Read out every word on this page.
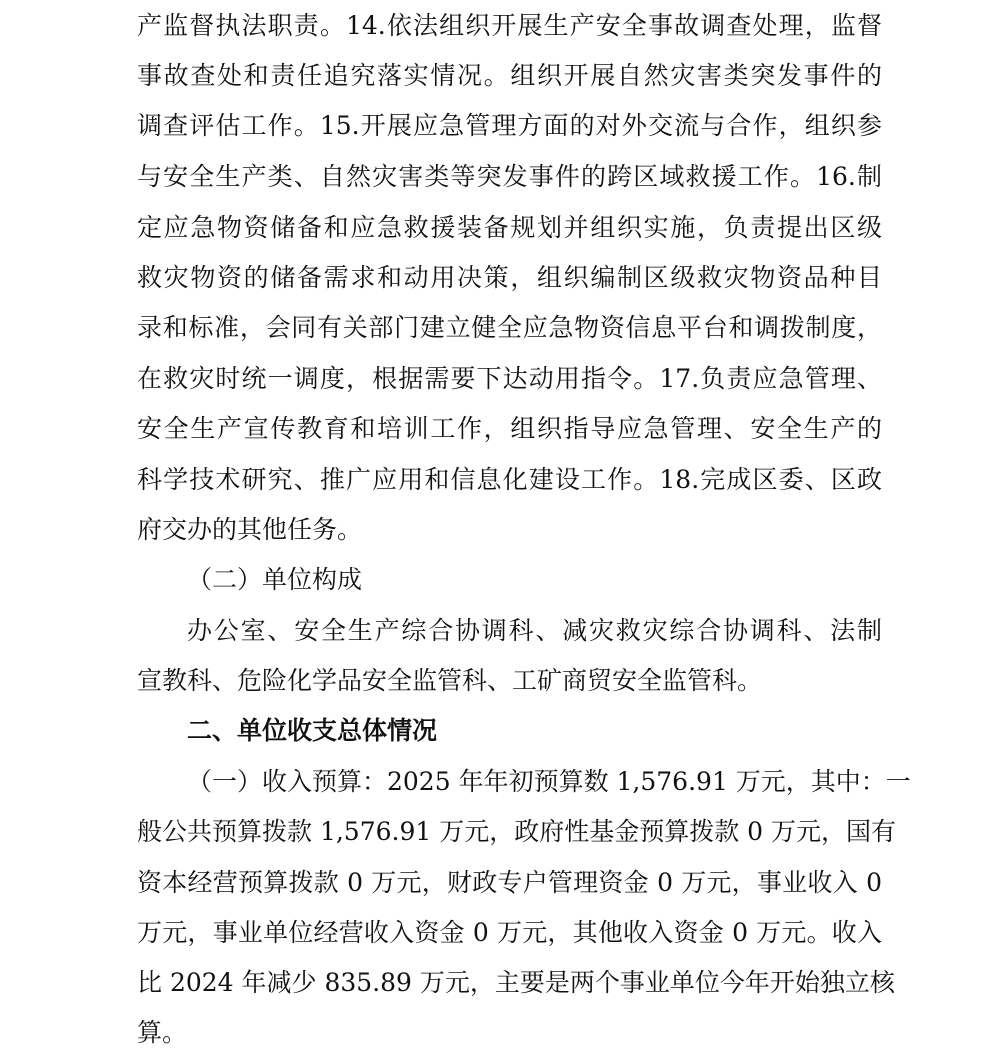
产监督执法职责。14.依法组织开展生产安全事故调查处理，监督
事故查处和责任追究落实情况。组织开展自然灾害类突发事件的
调查评估工作。15.开展应急管理方面的对外交流与合作，组织参
与安全生产类、自然灾害类等突发事件的跨区域救援工作。16.制
定应急物资储备和应急救援装备规划并组织实施，负责提出区级
救灾物资的储备需求和动用决策，组织编制区级救灾物资品种目
录和标准，会同有关部门建立健全应急物资信息平台和调拨制度，
在救灾时统一调度，根据需要下达动用指令。17.负责应急管理、
安全生产宣传教育和培训工作，组织指导应急管理、安全生产的
科学技术研究、推广应用和信息化建设工作。18.完成区委、区政
府交办的其他任务。
（二）单位构成
办公室、安全生产综合协调科、减灾救灾综合协调科、法制
宣教科、危险化学品安全监管科、工矿商贸安全监管科。
二、单位收支总体情况
（一）收入预算：2025 年年初预算数 1,576.91 万元，其中：一
般公共预算拨款 1,576.91 万元，政府性基金预算拨款 0 万元，国有
资本经营预算拨款 0 万元，财政专户管理资金 0 万元，事业收入 0
万元，事业单位经营收入资金 0 万元，其他收入资金 0 万元。收入
比 2024 年减少 835.89 万元，主要是两个事业单位今年开始独立核
算。
